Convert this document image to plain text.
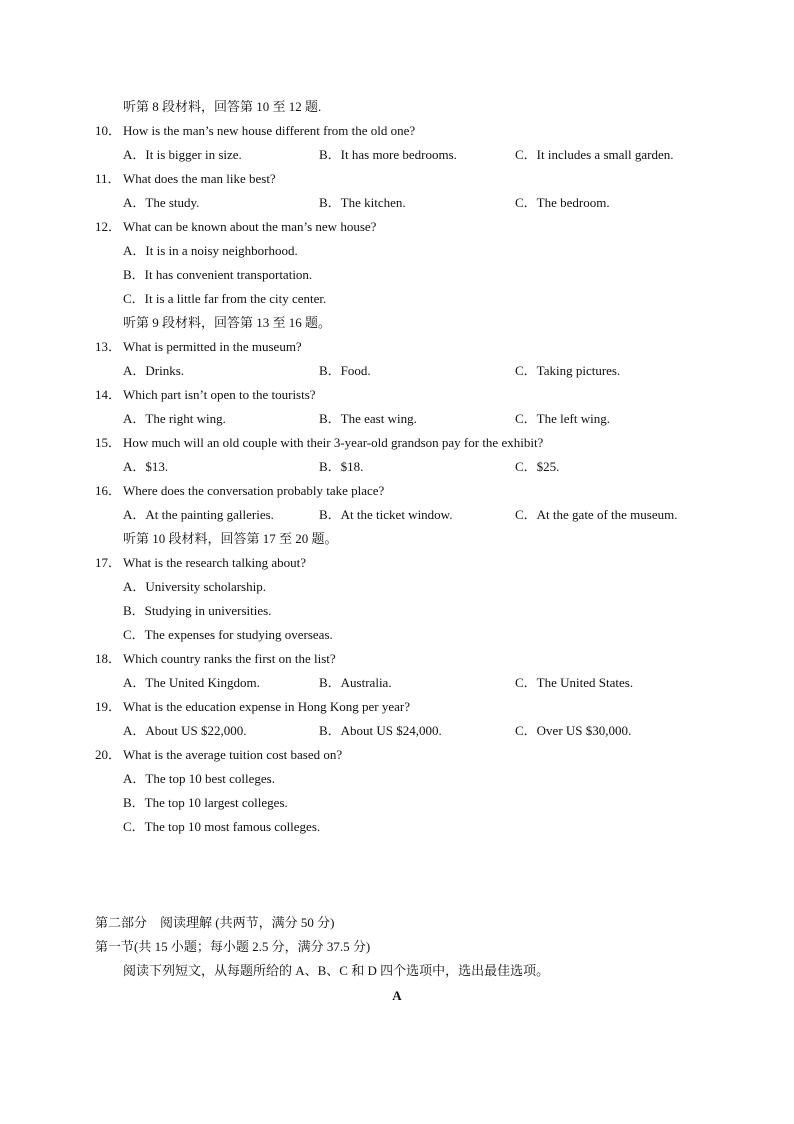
听第 8 段材料，回答第 10 至 12 题.
10． How is the man’s new house different from the old one?
A．It is bigger in size.	B．It has more bedrooms.	C．It includes a small garden.
11． What does the man like best?
A．The study.	B．The kitchen.	C．The bedroom.
12． What can be known about the man’s new house?
A．It is in a noisy neighborhood.
B．It has convenient transportation.
C．It is a little far from the city center.
听第 9 段材料，回答第 13 至 16 题。
13． What is permitted in the museum?
A．Drinks.	B．Food.	C．Taking pictures.
14． Which part isn’t open to the tourists?
A．The right wing.	B．The east wing.	C．The left wing.
15． How much will an old couple with their 3-year-old grandson pay for the exhibit?
A．$13.	B．$18.	C．$25.
16． Where does the conversation probably take place?
A．At the painting galleries.	B．At the ticket window.	C．At the gate of the museum.
听第 10 段材料，回答第 17 至 20 题。
17． What is the research talking about?
A．University scholarship.
B．Studying in universities.
C．The expenses for studying overseas.
18． Which country ranks the first on the list?
A．The United Kingdom.	B．Australia.	C．The United States.
19． What is the education expense in Hong Kong per year?
A．About US $22,000.	B．About US $24,000.	C．Over US $30,000.
20． What is the average tuition cost based on?
A．The top 10 best colleges.
B．The top 10 largest colleges.
C．The top 10 most famous colleges.
第二部分　阅读理解 (共两节，满分 50 分)
第一节(共 15 小题；每小题 2.5 分，满分 37.5 分)
阅读下列短文，从每题所给的 A、B、C 和 D 四个选项中，选出最佳选项。
A
